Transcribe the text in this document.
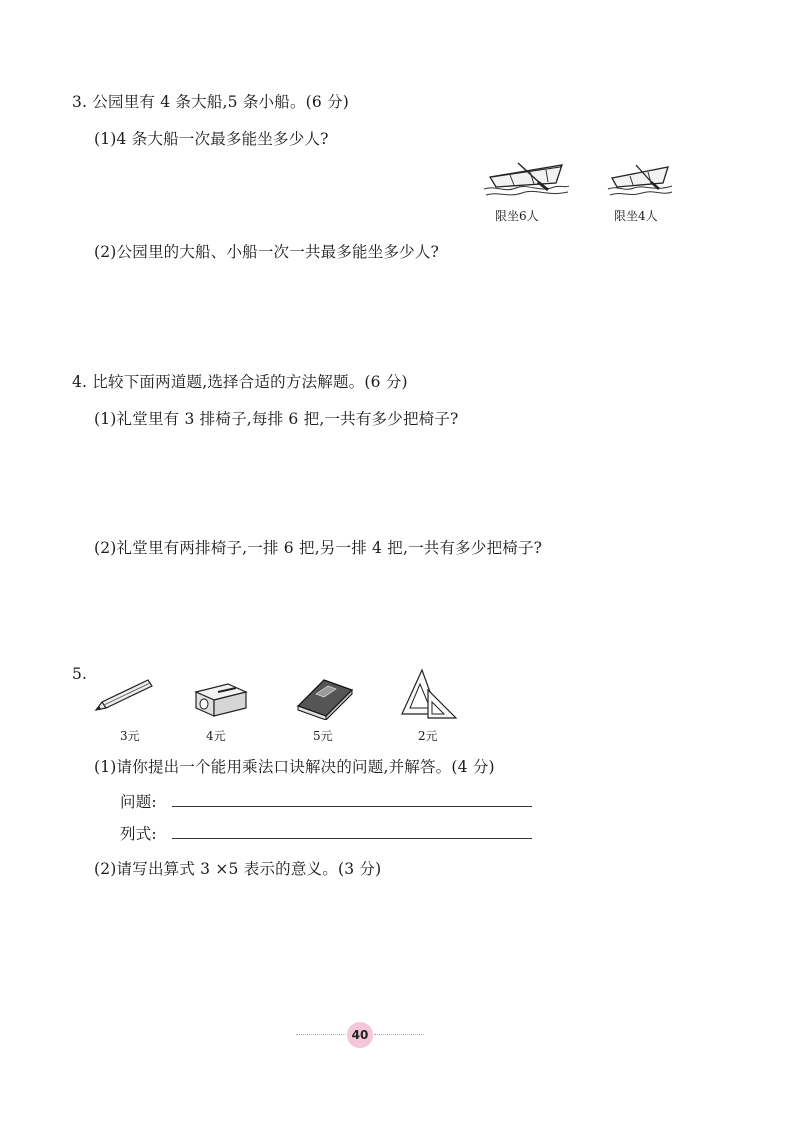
3. 公园里有 4 条大船,5 条小船。(6 分)
(1)4 条大船一次最多能坐多少人?
限坐6人	限坐4人
(2)公园里的大船、小船一次一共最多能坐多少人?
4. 比较下面两道题,选择合适的方法解题。(6 分)
(1)礼堂里有 3 排椅子,每排 6 把,一共有多少把椅子?
(2)礼堂里有两排椅子,一排 6 把,另一排 4 把,一共有多少把椅子?
5.
3元	4元	5元	2元
(1)请你提出一个能用乘法口诀解决的问题,并解答。(4 分)
问题:
列式:
(2)请写出算式 3 ×5 表示的意义。(3 分)
40
